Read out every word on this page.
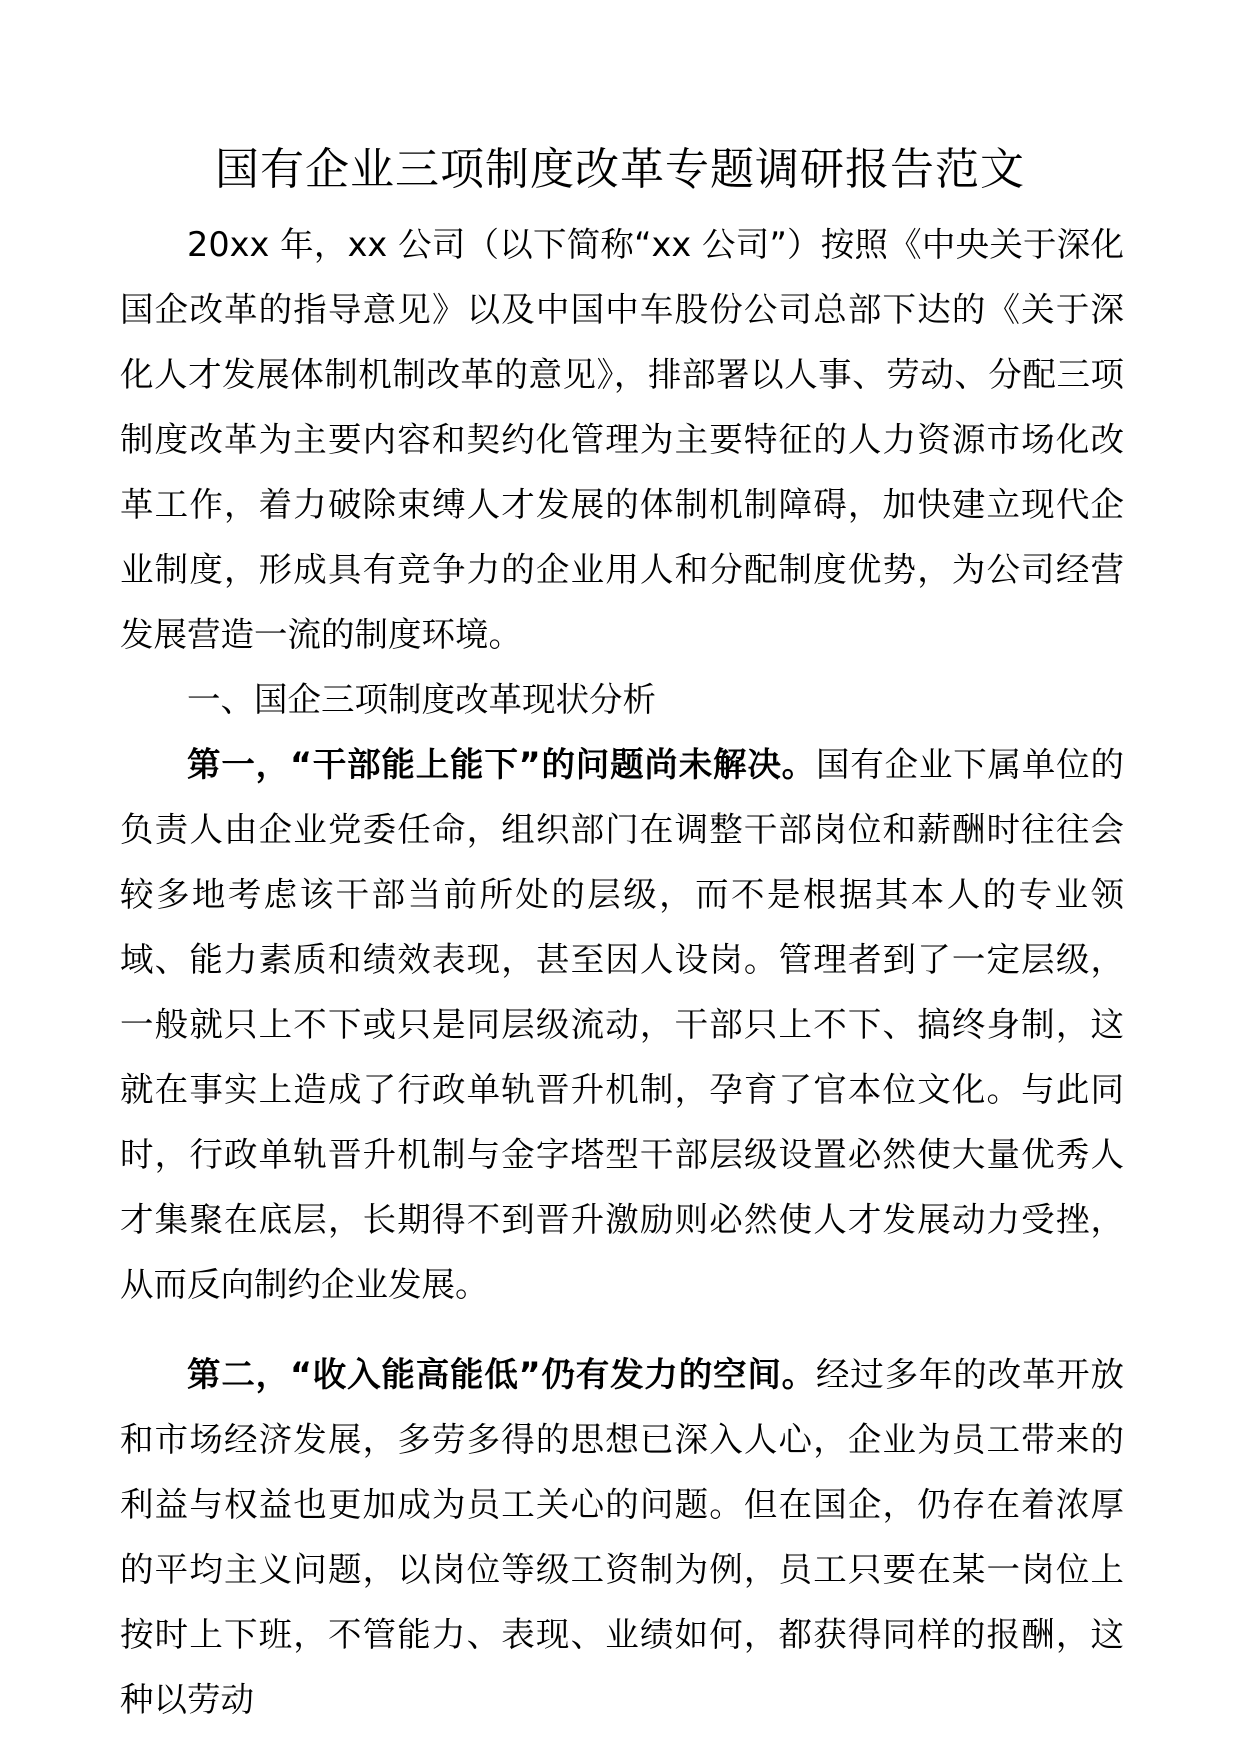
国有企业三项制度改革专题调研报告范文

20xx 年，xx 公司（以下简称“xx 公司”）按照《中央关于深化国企改革的指导意见》以及中国中车股份公司总部下达的《关于深化人才发展体制机制改革的意见》，排部署以人事、劳动、分配三项制度改革为主要内容和契约化管理为主要特征的人力资源市场化改革工作，着力破除束缚人才发展的体制机制障碍，加快建立现代企业制度，形成具有竞争力的企业用人和分配制度优势，为公司经营发展营造一流的制度环境。

一、国企三项制度改革现状分析

第一，“干部能上能下”的问题尚未解决。国有企业下属单位的负责人由企业党委任命，组织部门在调整干部岗位和薪酬时往往会较多地考虑该干部当前所处的层级，而不是根据其本人的专业领域、能力素质和绩效表现，甚至因人设岗。管理者到了一定层级，一般就只上不下或只是同层级流动，干部只上不下、搞终身制，这就在事实上造成了行政单轨晋升机制，孕育了官本位文化。与此同时，行政单轨晋升机制与金字塔型干部层级设置必然使大量优秀人才集聚在底层，长期得不到晋升激励则必然使人才发展动力受挫，从而反向制约企业发展。

第二，“收入能高能低”仍有发力的空间。经过多年的改革开放和市场经济发展，多劳多得的思想已深入人心，企业为员工带来的利益与权益也更加成为员工关心的问题。但在国企，仍存在着浓厚的平均主义问题，以岗位等级工资制为例，员工只要在某一岗位上按时上下班，不管能力、表现、业绩如何，都获得同样的报酬，这种以劳动
